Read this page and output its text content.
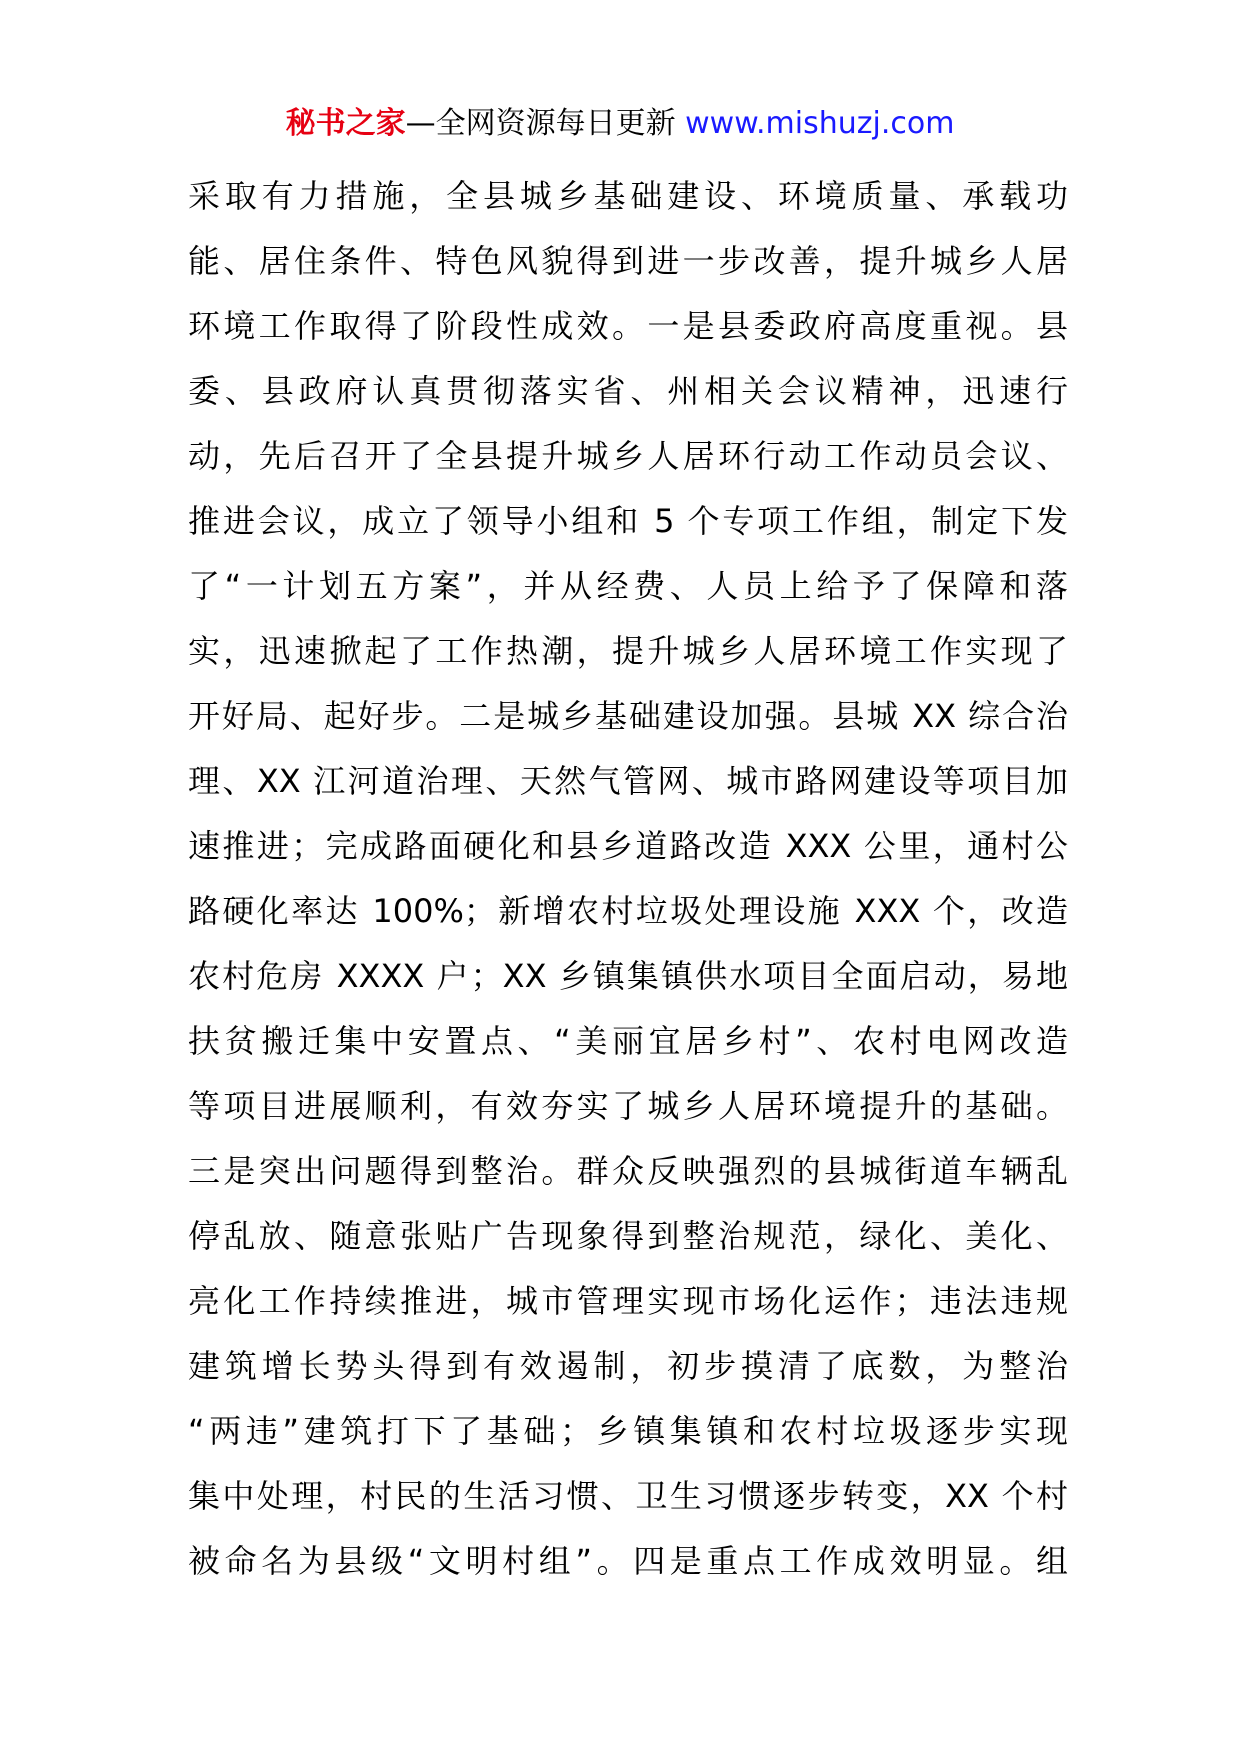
秘书之家—全网资源每日更新 www.mishuzj.com
采取有力措施，全县城乡基础建设、环境质量、承载功
能、居住条件、特色风貌得到进一步改善，提升城乡人居
环境工作取得了阶段性成效。一是县委政府高度重视。县
委、县政府认真贯彻落实省、州相关会议精神，迅速行
动，先后召开了全县提升城乡人居环行动工作动员会议、
推进会议，成立了领导小组和 5 个专项工作组，制定下发
了“一计划五方案”，并从经费、人员上给予了保障和落
实，迅速掀起了工作热潮，提升城乡人居环境工作实现了
开好局、起好步。二是城乡基础建设加强。县城 XX 综合治
理、XX 江河道治理、天然气管网、城市路网建设等项目加
速推进；完成路面硬化和县乡道路改造 XXX 公里，通村公
路硬化率达 100%；新增农村垃圾处理设施 XXX 个，改造
农村危房 XXXX 户；XX 乡镇集镇供水项目全面启动，易地
扶贫搬迁集中安置点、“美丽宜居乡村”、农村电网改造
等项目进展顺利，有效夯实了城乡人居环境提升的基础。
三是突出问题得到整治。群众反映强烈的县城街道车辆乱
停乱放、随意张贴广告现象得到整治规范，绿化、美化、
亮化工作持续推进，城市管理实现市场化运作；违法违规
建筑增长势头得到有效遏制，初步摸清了底数，为整治
“两违”建筑打下了基础；乡镇集镇和农村垃圾逐步实现
集中处理，村民的生活习惯、卫生习惯逐步转变，XX 个村
被命名为县级“文明村组”。四是重点工作成效明显。组
